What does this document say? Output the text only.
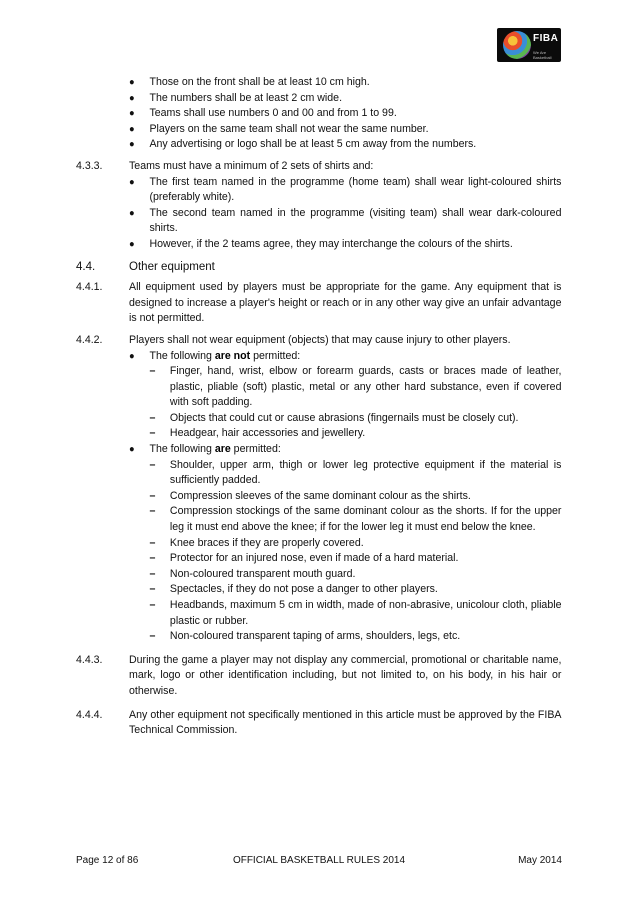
FIBA
We Are Basketball
●	Those on the front shall be at least 10 cm high.
●	The numbers shall be at least 2 cm wide.
●	Teams shall use numbers 0 and 00 and from 1 to 99.
●	Players on the same team shall not wear the same number.
●	Any advertising or logo shall be at least 5 cm away from the numbers.
4.3.3.	Teams must have a minimum of 2 sets of shirts and:
●	The first team named in the programme (home team) shall wear light-coloured shirts (preferably white).
●	The second team named in the programme (visiting team) shall wear dark-coloured shirts.
●	However, if the 2 teams agree, they may interchange the colours of the shirts.
4.4.	Other equipment
4.4.1.	All equipment used by players must be appropriate for the game. Any equipment that is designed to increase a player's height or reach or in any other way give an unfair advantage is not permitted.
4.4.2.	Players shall not wear equipment (objects) that may cause injury to other players.
●	The following are not permitted:
–	Finger, hand, wrist, elbow or forearm guards, casts or braces made of leather, plastic, pliable (soft) plastic, metal or any other hard substance, even if covered with soft padding.
–	Objects that could cut or cause abrasions (fingernails must be closely cut).
–	Headgear, hair accessories and jewellery.
●	The following are permitted:
–	Shoulder, upper arm, thigh or lower leg protective equipment if the material is sufficiently padded.
–	Compression sleeves of the same dominant colour as the shirts.
–	Compression stockings of the same dominant colour as the shorts. If for the upper leg it must end above the knee; if for the lower leg it must end below the knee.
–	Knee braces if they are properly covered.
–	Protector for an injured nose, even if made of a hard material.
–	Non-coloured transparent mouth guard.
–	Spectacles, if they do not pose a danger to other players.
–	Headbands, maximum 5 cm in width, made of non-abrasive, unicolour cloth, pliable plastic or rubber.
–	Non-coloured transparent taping of arms, shoulders, legs, etc.
4.4.3.	During the game a player may not display any commercial, promotional or charitable name, mark, logo or other identification including, but not limited to, on his body, in his hair or otherwise.
4.4.4.	Any other equipment not specifically mentioned in this article must be approved by the FIBA Technical Commission.
Page 12 of 86	OFFICIAL BASKETBALL RULES 2014	May 2014
